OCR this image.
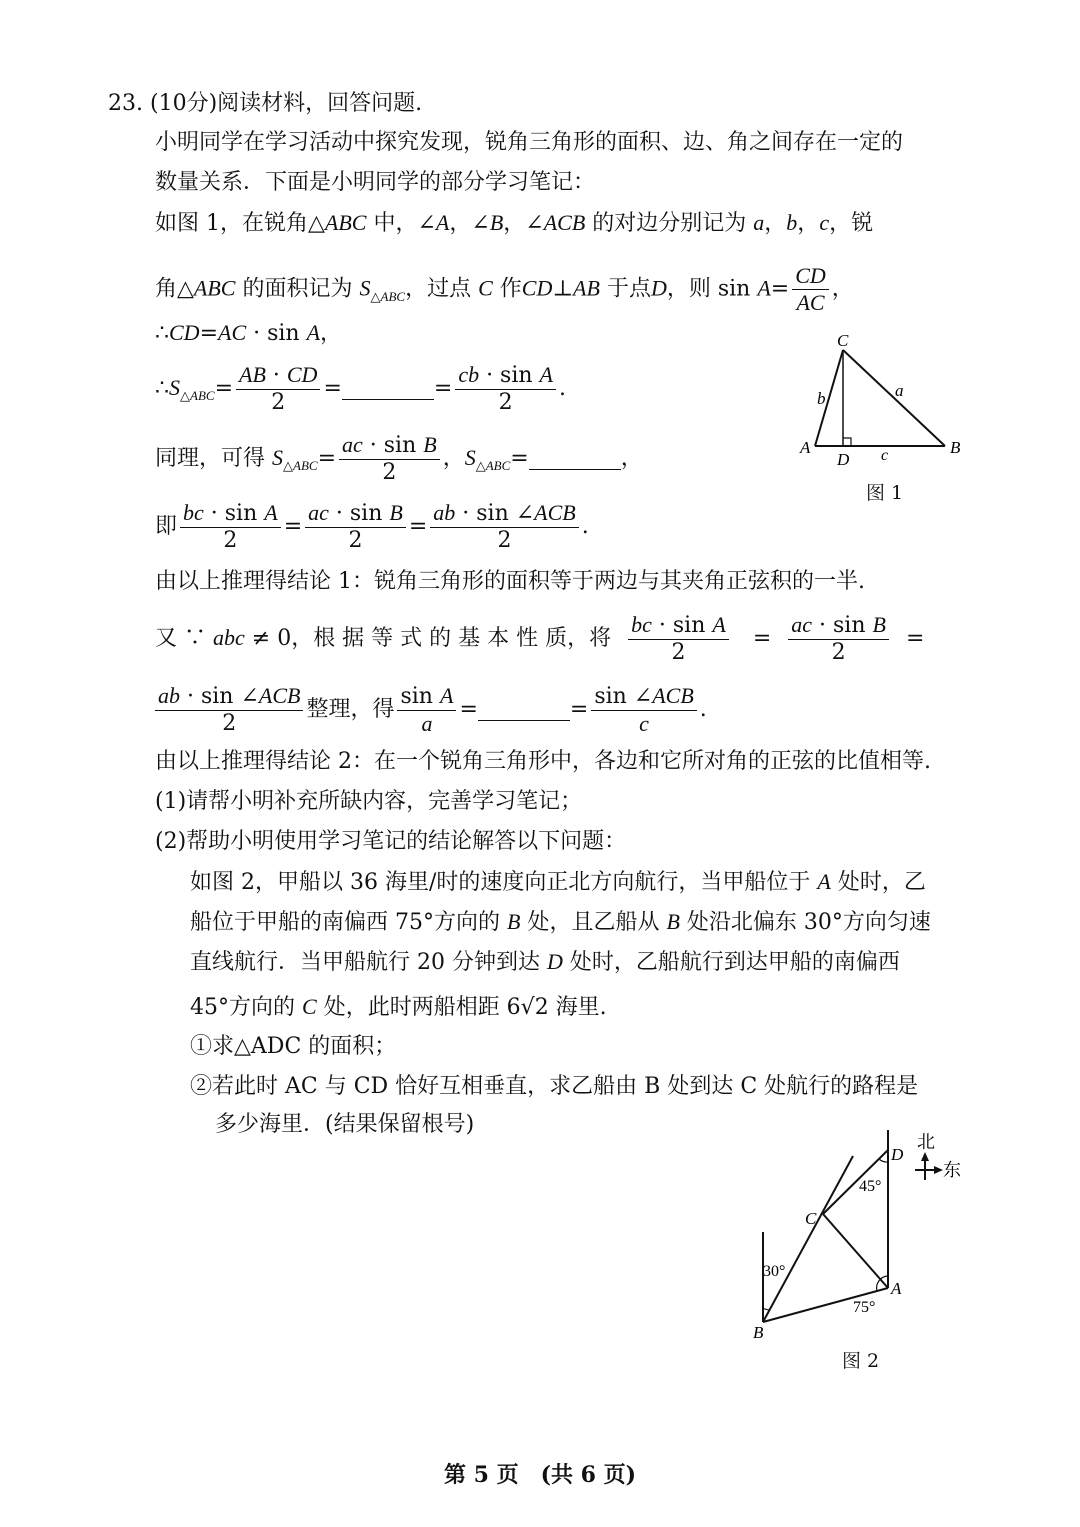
23. (10分)阅读材料，回答问题.
小明同学在学习活动中探究发现，锐角三角形的面积、边、角之间存在一定的
数量关系．下面是小明同学的部分学习笔记：
如图 1，在锐角△ABC 中，∠A，∠B，∠ACB 的对边分别记为 a，b，c，锐
角△ABC 的面积记为 $S_{\triangle ABC}$，过点 C 作CD⊥AB 于点D，则 $\sin A= \frac{CD}{AC}$ ，
∴CD=AC · sin A，
$\therefore S_{\triangle ABC}= \frac{AB \cdot CD}{2}$ =	= $\frac{\text{cb · sin A}}{2}$ .
同理，可得 $S_{\triangle ABC}= \frac{\text{ac · sin B}}{2}$ ，$S_{\triangle ABC}=$	，
即 $\frac{\text{bc · sin A}}{2} = \frac{\text{ac · sin B}}{2} = \frac{\text{ab · sin ∠ACB}}{2}$ .
由以上推理得结论 1：锐角三角形的面积等于两边与其夹角正弦积的一半.
又 ∵ abc ≠ 0，根 据 等 式 的 基 本 性 质，将 $\frac{\text{bc · sin A}}{2} = \frac{\text{ac · sin B}}{2}$ =
$\frac{\text{ab · sin ∠ACB}}{2}$ 整理，得 $\frac{\text{sin A}}{a}$ =	= $\frac{\text{sin ∠ACB}}{c}$ .
由以上推理得结论 2：在一个锐角三角形中，各边和它所对角的正弦的比值相等.
(1)请帮小明补充所缺内容，完善学习笔记；
(2)帮助小明使用学习笔记的结论解答以下问题：
如图 2，甲船以 36 海里/时的速度向正北方向航行，当甲船位于 A 处时，乙
船位于甲船的南偏西 75°方向的 B 处，且乙船从 B 处沿北偏东 30°方向匀速
直线航行．当甲船航行 20 分钟到达 D 处时，乙船航行到达甲船的南偏西
45°方向的 C 处，此时两船相距 6√2 海里.
①求△ADC 的面积；
②若此时 AC 与 CD 恰好互相垂直，求乙船由 B 处到达 C 处航行的路程是
多少海里．(结果保留根号)
C
A	B
D
a
b
c
图 1
北
东
D
C
A
B
45°
30°
75°
图 2
第 5 页　(共 6 页)
